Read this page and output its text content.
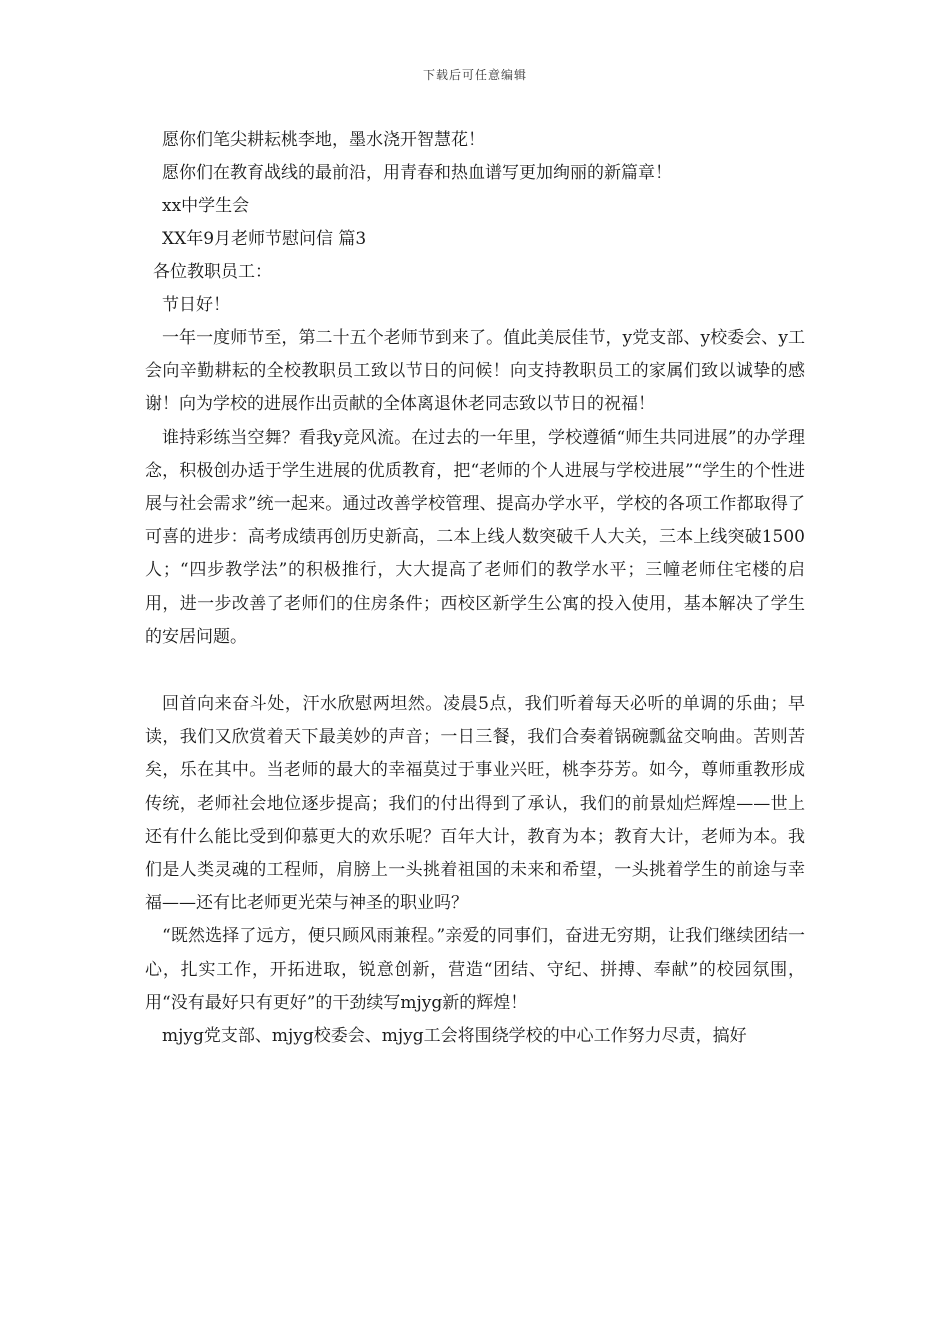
下载后可任意编辑
愿你们笔尖耕耘桃李地，墨水浇开智慧花！
愿你们在教育战线的最前沿，用青春和热血谱写更加绚丽的新篇章！
xx中学生会
XX年9月老师节慰问信 篇3
各位教职员工：
节日好！
一年一度师节至，第二十五个老师节到来了。值此美辰佳节，y党支部、y校委会、y工会向辛勤耕耘的全校教职员工致以节日的问候！向支持教职员工的家属们致以诚挚的感谢！向为学校的进展作出贡献的全体离退休老同志致以节日的祝福！
谁持彩练当空舞？看我y竞风流。在过去的一年里，学校遵循“师生共同进展”的办学理念，积极创办适于学生进展的优质教育，把“老师的个人进展与学校进展”“学生的个性进展与社会需求”统一起来。通过改善学校管理、提高办学水平，学校的各项工作都取得了可喜的进步：高考成绩再创历史新高，二本上线人数突破千人大关，三本上线突破1500人；“四步教学法”的积极推行，大大提高了老师们的教学水平；三幢老师住宅楼的启用，进一步改善了老师们的住房条件；西校区新学生公寓的投入使用，基本解决了学生的安居问题。
回首向来奋斗处，汗水欣慰两坦然。凌晨5点，我们听着每天必听的单调的乐曲；早读，我们又欣赏着天下最美妙的声音；一日三餐，我们合奏着锅碗瓢盆交响曲。苦则苦矣，乐在其中。当老师的最大的幸福莫过于事业兴旺，桃李芬芳。如今，尊师重教形成传统，老师社会地位逐步提高；我们的付出得到了承认，我们的前景灿烂辉煌——世上还有什么能比受到仰慕更大的欢乐呢？百年大计，教育为本；教育大计，老师为本。我们是人类灵魂的工程师，肩膀上一头挑着祖国的未来和希望，一头挑着学生的前途与幸福——还有比老师更光荣与神圣的职业吗？
“既然选择了远方，便只顾风雨兼程。”亲爱的同事们，奋进无穷期，让我们继续团结一心，扎实工作，开拓进取，锐意创新，营造“团结、守纪、拼搏、奉献”的校园氛围，用“没有最好只有更好”的干劲续写mjyg新的辉煌！
mjyg党支部、mjyg校委会、mjyg工会将围绕学校的中心工作努力尽责，搞好
